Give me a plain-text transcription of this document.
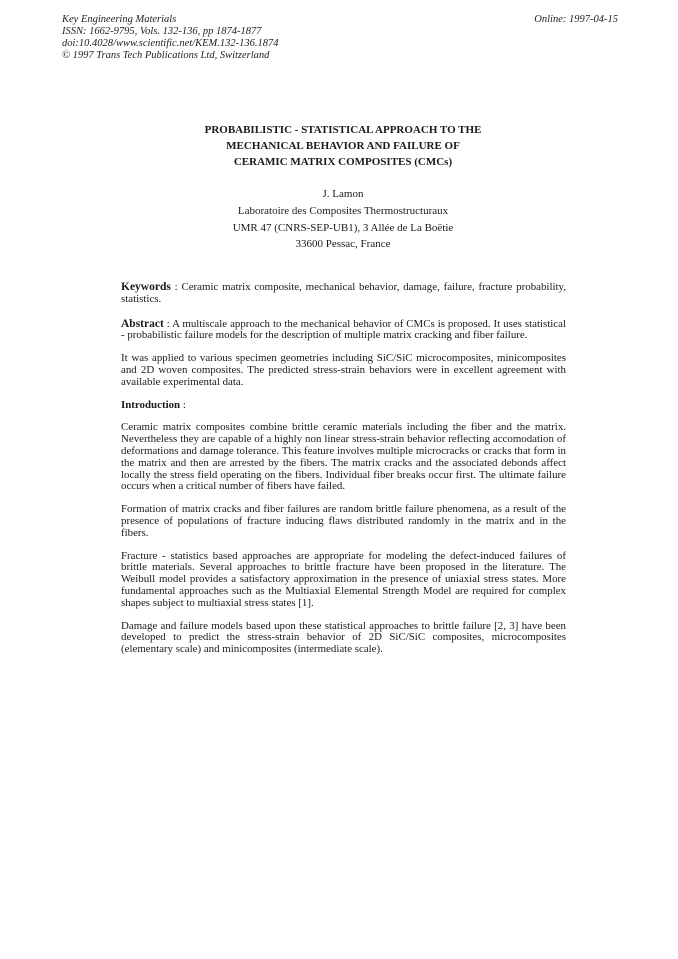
Key Engineering Materials
ISSN: 1662-9795, Vols. 132-136, pp 1874-1877
doi:10.4028/www.scientific.net/KEM.132-136.1874
© 1997 Trans Tech Publications Ltd, Switzerland
Online: 1997-04-15
PROBABILISTIC - STATISTICAL APPROACH TO THE
MECHANICAL BEHAVIOR AND FAILURE OF
CERAMIC MATRIX COMPOSITES (CMCs)
J. Lamon
Laboratoire des Composites Thermostructuraux
UMR 47 (CNRS-SEP-UB1), 3 Allée de La Boëtie
33600 Pessac, France

Keywords : Ceramic matrix composite, mechanical behavior, damage, failure, fracture probability, statistics.

Abstract : A multiscale approach to the mechanical behavior of CMCs is proposed. It uses statistical - probabilistic failure models for the description of multiple matrix cracking and fiber failure.

It was applied to various specimen geometries including SiC/SiC microcomposites, minicomposites and 2D woven composites. The predicted stress-strain behaviors were in excellent agreement with available experimental data.

Introduction :

Ceramic matrix composites combine brittle ceramic materials including the fiber and the matrix. Nevertheless they are capable of a highly non linear stress-strain behavior reflecting accomodation of deformations and damage tolerance. This feature involves multiple microcracks or cracks that form in the matrix and then are arrested by the fibers. The matrix cracks and the associated debonds affect locally the stress field operating on the fibers. Individual fiber breaks occur first. The ultimate failure occurs when a critical number of fibers have failed.

Formation of matrix cracks and fiber failures are random brittle failure phenomena, as a result of the presence of populations of fracture inducing flaws distributed randomly in the matrix and in the fibers.

Fracture - statistics based approaches are appropriate for modeling the defect-induced failures of brittle materials. Several approaches to brittle fracture have been proposed in the literature. The Weibull model provides a satisfactory approximation in the presence of uniaxial stress states. More fundamental approaches such as the Multiaxial Elemental Strength Model are required for complex shapes subject to multiaxial stress states [1].

Damage and failure models based upon these statistical approaches to brittle failure [2, 3] have been developed to predict the stress-strain behavior of 2D SiC/SiC composites, microcomposites (elementary scale) and minicomposites (intermediate scale).
